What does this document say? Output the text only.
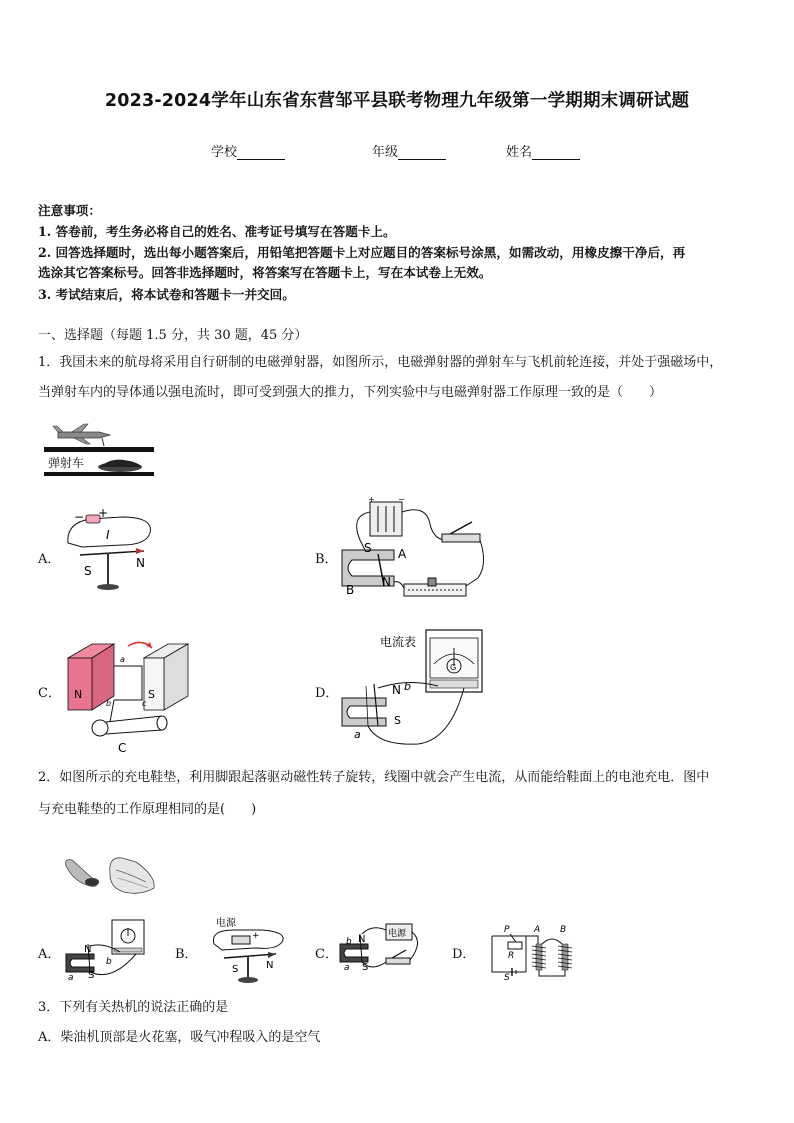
2023-2024学年山东省东营邹平县联考物理九年级第一学期期末调研试题
学校	年级	姓名
注意事项：
1. 答卷前，考生务必将自己的姓名、准考证号填写在答题卡上。
2. 回答选择题时，选出每小题答案后，用铅笔把答题卡上对应题目的答案标号涂黑，如需改动，用橡皮擦干净后，再
选涂其它答案标号。回答非选择题时，将答案写在答题卡上，写在本试卷上无效。
3. 考试结束后，将本试卷和答题卡一并交回。
一、选择题（每题 1.5 分，共 30 题，45 分）
1．我国未来的航母将采用自行研制的电磁弹射器，如图所示，电磁弹射器的弹射车与飞机前轮连接，并处于强磁场中，
当弹射车内的导体通以强电流时，即可受到强大的推力，下列实验中与电磁弹射器工作原理一致的是（　　）
弹射车
A．	B．
C．	D．
− +
I
S
N
+	−
S A
B
N
N	S
a
b	c
C
电流表
G
N b
S
a
2．如图所示的充电鞋垫，利用脚跟起落驱动磁性转子旋转，线圈中就会产生电流，从而能给鞋面上的电池充电．图中
与充电鞋垫的工作原理相同的是(　　)
A．	B．	C．	D．
N
S
a
b
电源
+
S	N
N
S
a
b
电源	P
R
S
A B
3．下列有关热机的说法正确的是
A．柴油机顶部是火花塞，吸气冲程吸入的是空气
